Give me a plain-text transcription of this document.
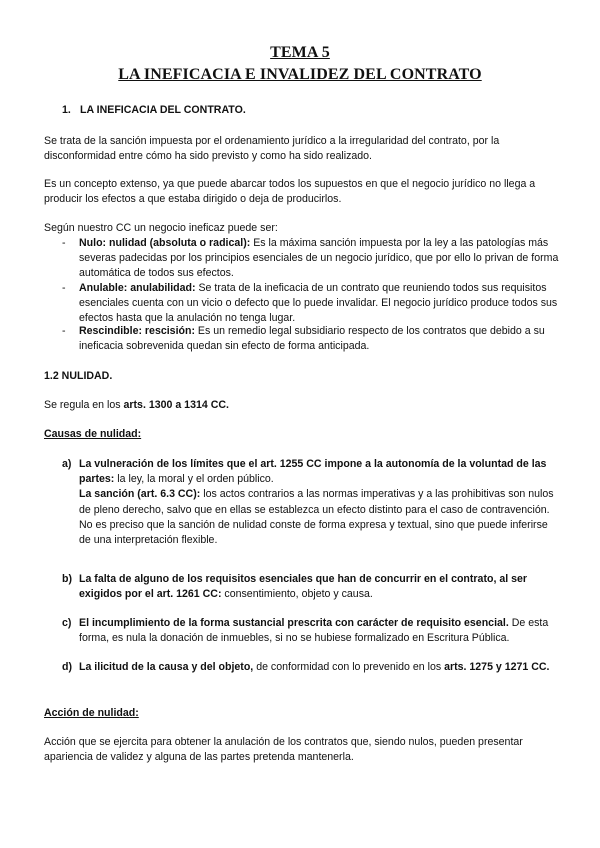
TEMA 5
LA INEFICACIA E INVALIDEZ DEL CONTRATO
1. LA INEFICACIA DEL CONTRATO.
Se trata de la sanción impuesta por el ordenamiento jurídico a la irregularidad del contrato, por la disconformidad entre cómo ha sido previsto y como ha sido realizado.
Es un concepto extenso, ya que puede abarcar todos los supuestos en que el negocio jurídico no llega a producir los efectos a que estaba dirigido o deja de producirlos.
Según nuestro CC un negocio ineficaz puede ser:
- Nulo: nulidad (absoluta o radical): Es la máxima sanción impuesta por la ley a las patologías más severas padecidas por los principios esenciales de un negocio jurídico, que por ello lo privan de forma automática de todos sus efectos.
- Anulable: anulabilidad: Se trata de la ineficacia de un contrato que reuniendo todos sus requisitos esenciales cuenta con un vicio o defecto que lo puede invalidar. El negocio jurídico produce todos sus efectos hasta que la anulación no tenga lugar.
- Rescindible: rescisión: Es un remedio legal subsidiario respecto de los contratos que debido a su ineficacia sobrevenida quedan sin efecto de forma anticipada.
1.2 NULIDAD.
Se regula en los arts. 1300 a 1314 CC.
Causas de nulidad:
a) La vulneración de los límites que el art. 1255 CC impone a la autonomía de la voluntad de las partes: la ley, la moral y el orden público.
La sanción (art. 6.3 CC): los actos contrarios a las normas imperativas y a las prohibitivas son nulos de pleno derecho, salvo que en ellas se establezca un efecto distinto para el caso de contravención.
No es preciso que la sanción de nulidad conste de forma expresa y textual, sino que puede inferirse de una interpretación flexible.
b) La falta de alguno de los requisitos esenciales que han de concurrir en el contrato, al ser exigidos por el art. 1261 CC: consentimiento, objeto y causa.
c) El incumplimiento de la forma sustancial prescrita con carácter de requisito esencial. De esta forma, es nula la donación de inmuebles, si no se hubiese formalizado en Escritura Pública.
d) La ilicitud de la causa y del objeto, de conformidad con lo prevenido en los arts. 1275 y 1271 CC.
Acción de nulidad:
Acción que se ejercita para obtener la anulación de los contratos que, siendo nulos, pueden presentar apariencia de validez y alguna de las partes pretenda mantenerla.
